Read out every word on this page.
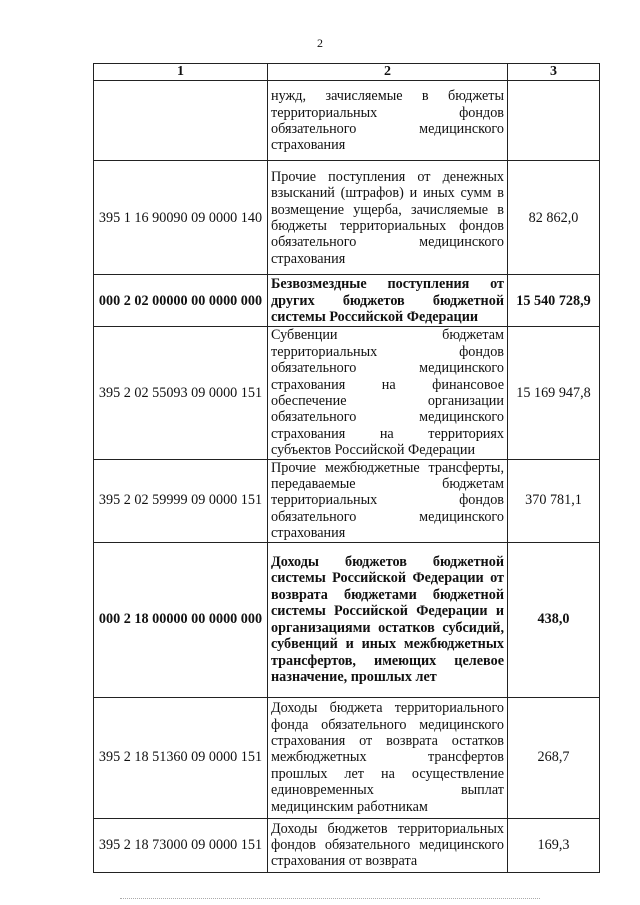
2
1	2	3
	нужд, зачисляемые в бюджеты территориальных фондов обязательного медицинского страхования	
395 1 16 90090 09 0000 140	Прочие поступления от денежных взысканий (штрафов) и иных сумм в возмещение ущерба, зачисляемые в бюджеты территориальных фондов обязательного медицинского страхования	82 862,0
000 2 02 00000 00 0000 000	Безвозмездные поступления от других бюджетов бюджетной системы Российской Федерации	15 540 728,9
395 2 02 55093 09 0000 151	Субвенции бюджетам территориальных фондов обязательного медицинского страхования на финансовое обеспечение организации обязательного медицинского страхования на территориях субъектов Российской Федерации	15 169 947,8
395 2 02 59999 09 0000 151	Прочие межбюджетные трансферты, передаваемые бюджетам территориальных фондов обязательного медицинского страхования	370 781,1
000 2 18 00000 00 0000 000	Доходы бюджетов бюджетной системы Российской Федерации от возврата бюджетами бюджетной системы Российской Федерации и организациями остатков субсидий, субвенций и иных межбюджетных трансфертов, имеющих целевое назначение, прошлых лет	438,0
395 2 18 51360 09 0000 151	Доходы бюджета территориального фонда обязательного медицинского страхования от возврата остатков межбюджетных трансфертов прошлых лет на осуществление единовременных выплат медицинским работникам	268,7
395 2 18 73000 09 0000 151	Доходы бюджетов территориальных фондов обязательного медицинского страхования от возврата	169,3
